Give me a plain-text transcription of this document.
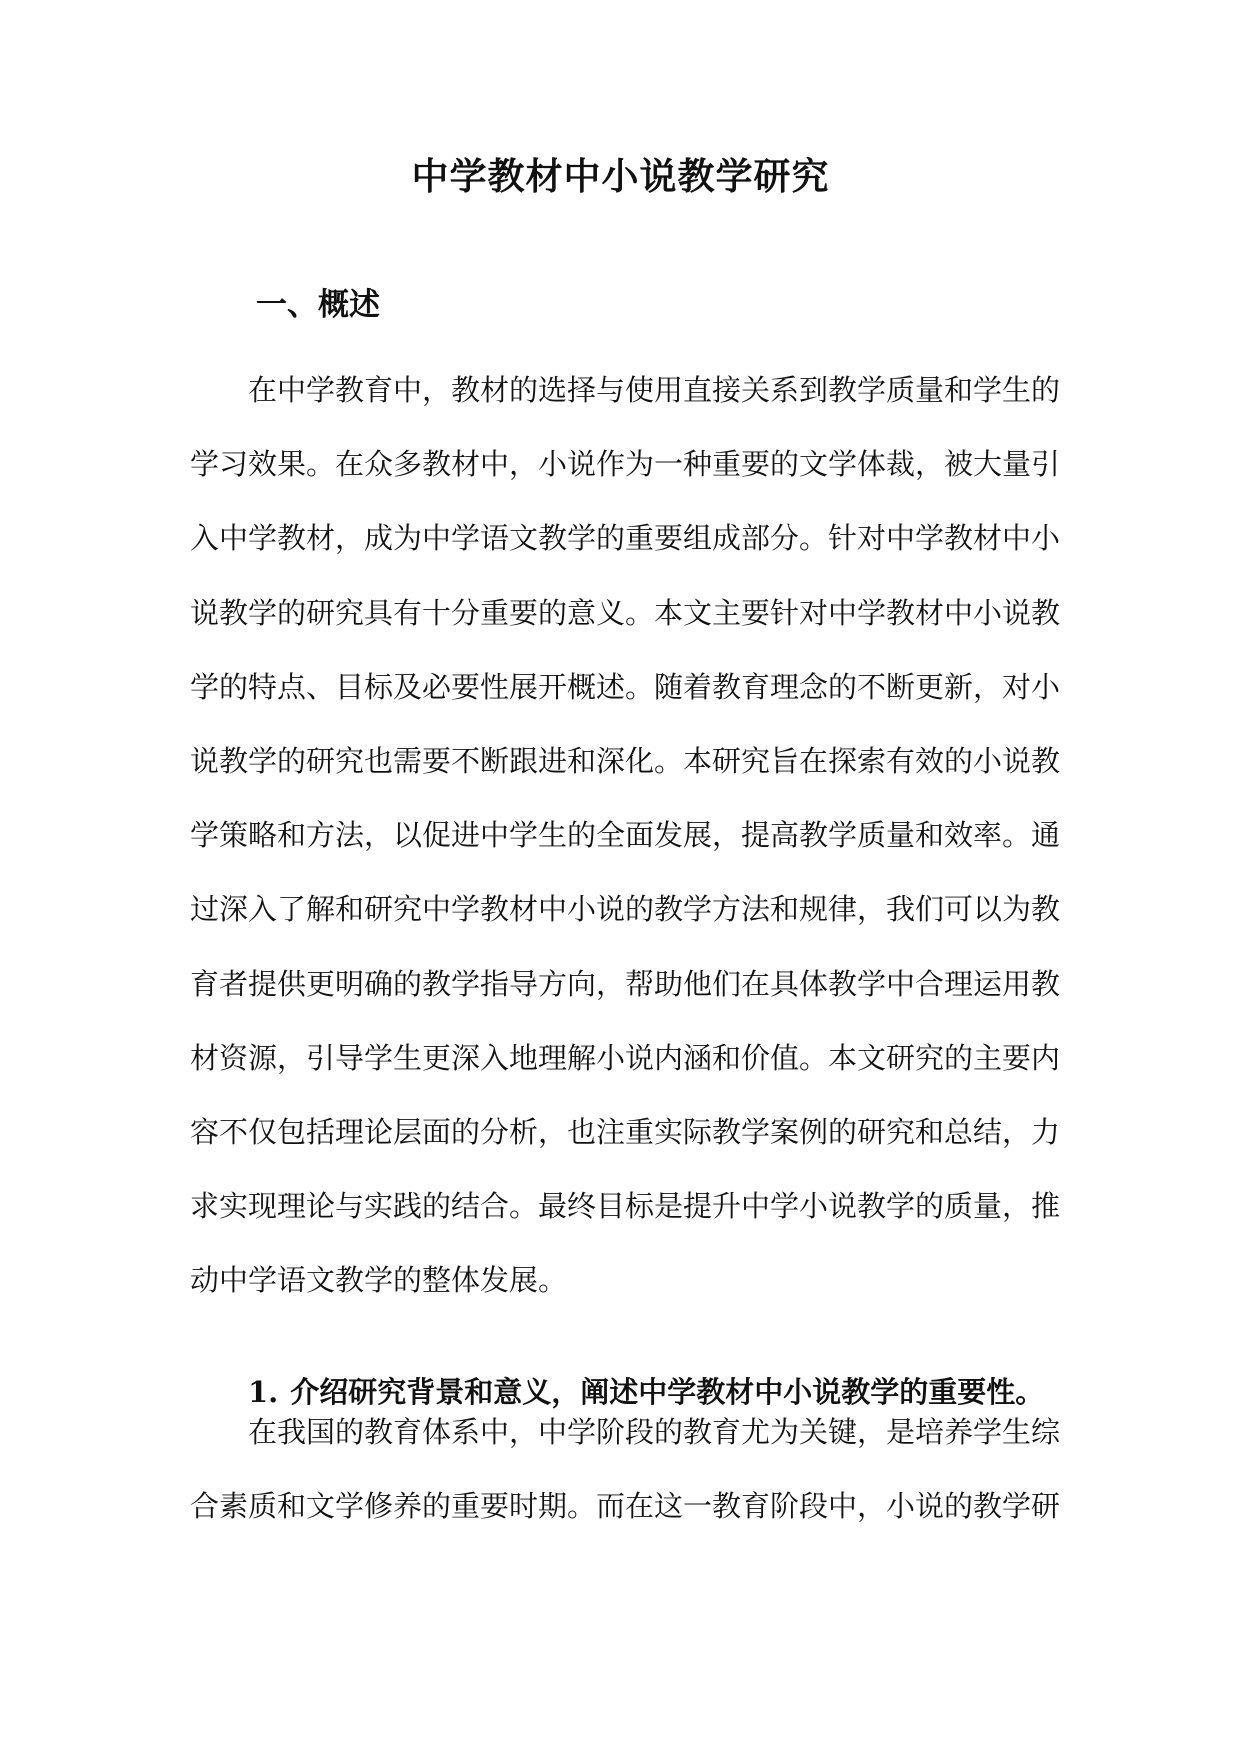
中学教材中小说教学研究
一、概述

在中学教育中，教材的选择与使用直接关系到教学质量和学生的学习效果。在众多教材中，小说作为一种重要的文学体裁，被大量引入中学教材，成为中学语文教学的重要组成部分。针对中学教材中小说教学的研究具有十分重要的意义。本文主要针对中学教材中小说教学的特点、目标及必要性展开概述。随着教育理念的不断更新，对小说教学的研究也需要不断跟进和深化。本研究旨在探索有效的小说教学策略和方法，以促进中学生的全面发展，提高教学质量和效率。通过深入了解和研究中学教材中小说的教学方法和规律，我们可以为教育者提供更明确的教学指导方向，帮助他们在具体教学中合理运用教材资源，引导学生更深入地理解小说内涵和价值。本文研究的主要内容不仅包括理论层面的分析，也注重实际教学案例的研究和总结，力求实现理论与实践的结合。最终目标是提升中学小说教学的质量，推动中学语文教学的整体发展。

1. 介绍研究背景和意义，阐述中学教材中小说教学的重要性。

在我国的教育体系中，中学阶段的教育尤为关键，是培养学生综合素质和文学修养的重要时期。而在这一教育阶段中，小说的教学研
